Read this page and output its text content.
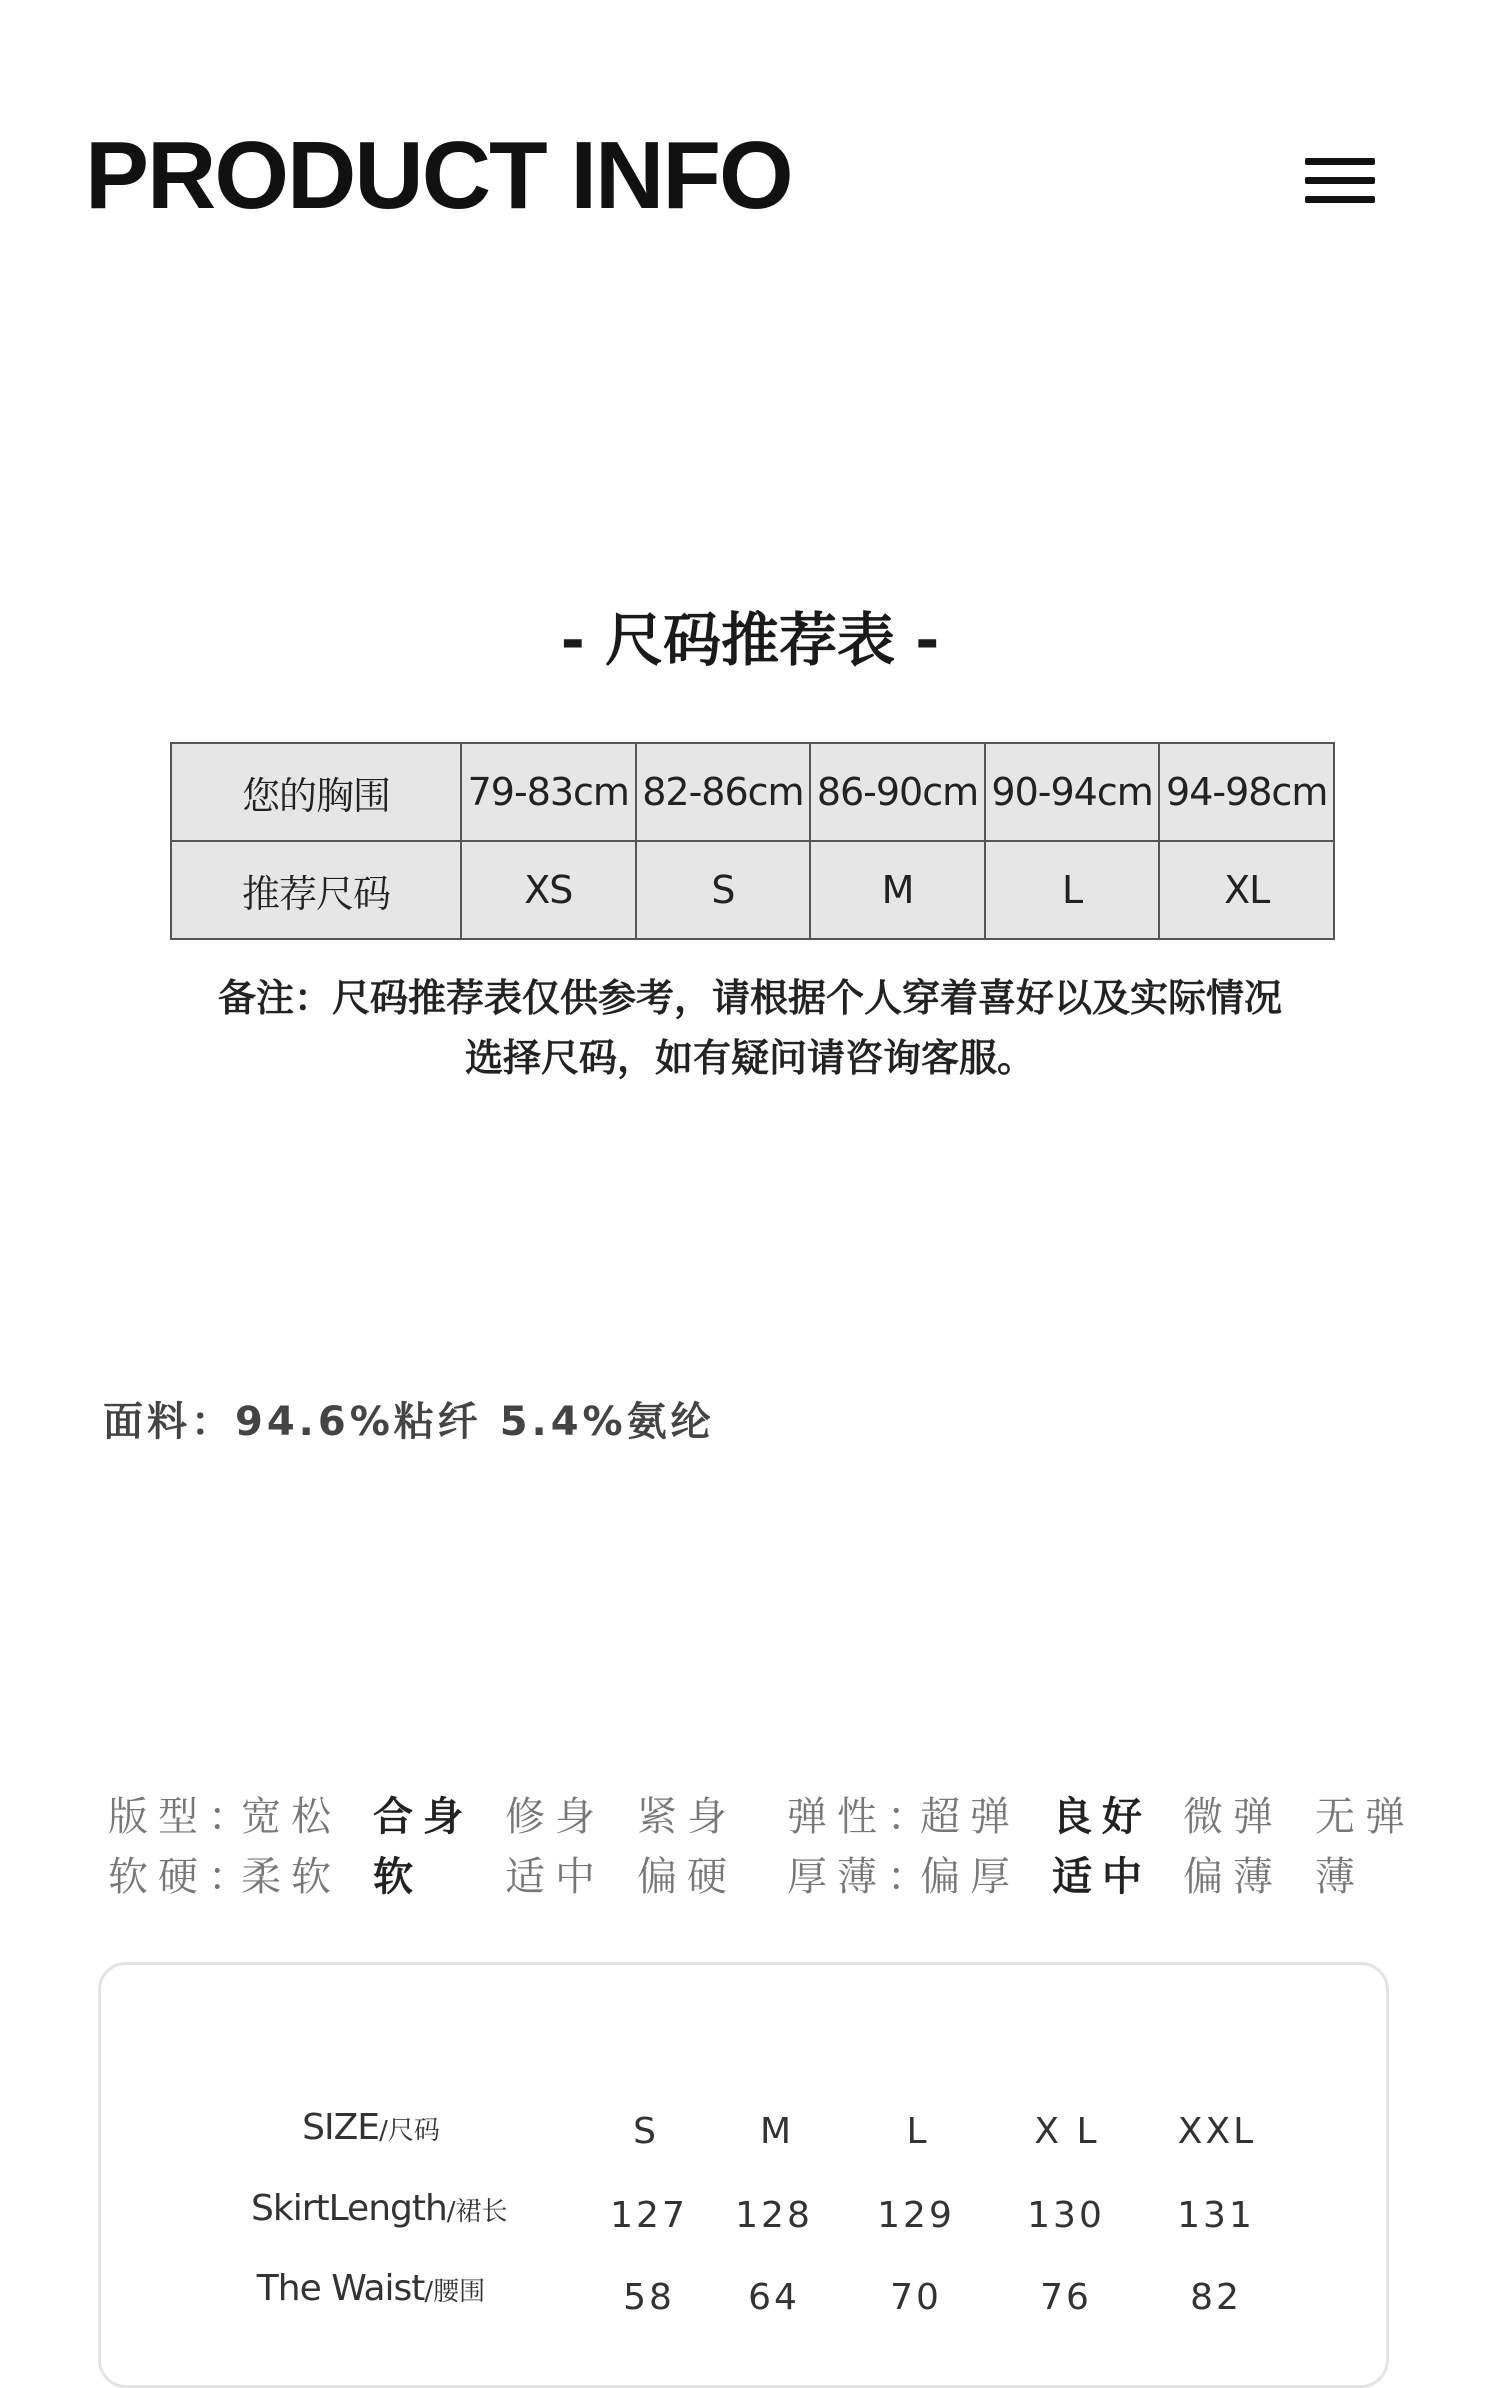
PRODUCT INFO
- 尺码推荐表 -
您的胸围	79-83cm	82-86cm	86-90cm	90-94cm	94-98cm
推荐尺码	XS	S	M	L	XL
备注：尺码推荐表仅供参考，请根据个人穿着喜好以及实际情况
选择尺码，如有疑问请咨询客服。
面料：94.6%粘纤 5.4%氨纶
版型：
宽松 合身 修身 紧身 弹性：
超弹 良好 微弹 无弹
软硬：
柔软 软 适中 偏硬 厚薄：
偏厚 适中 偏薄 薄
SIZE/尺码	S	M	L	X L	XXL
SkirtLength/裙长	127	128	129	130	131
The Waist/腰围	58	64	70	76	82
